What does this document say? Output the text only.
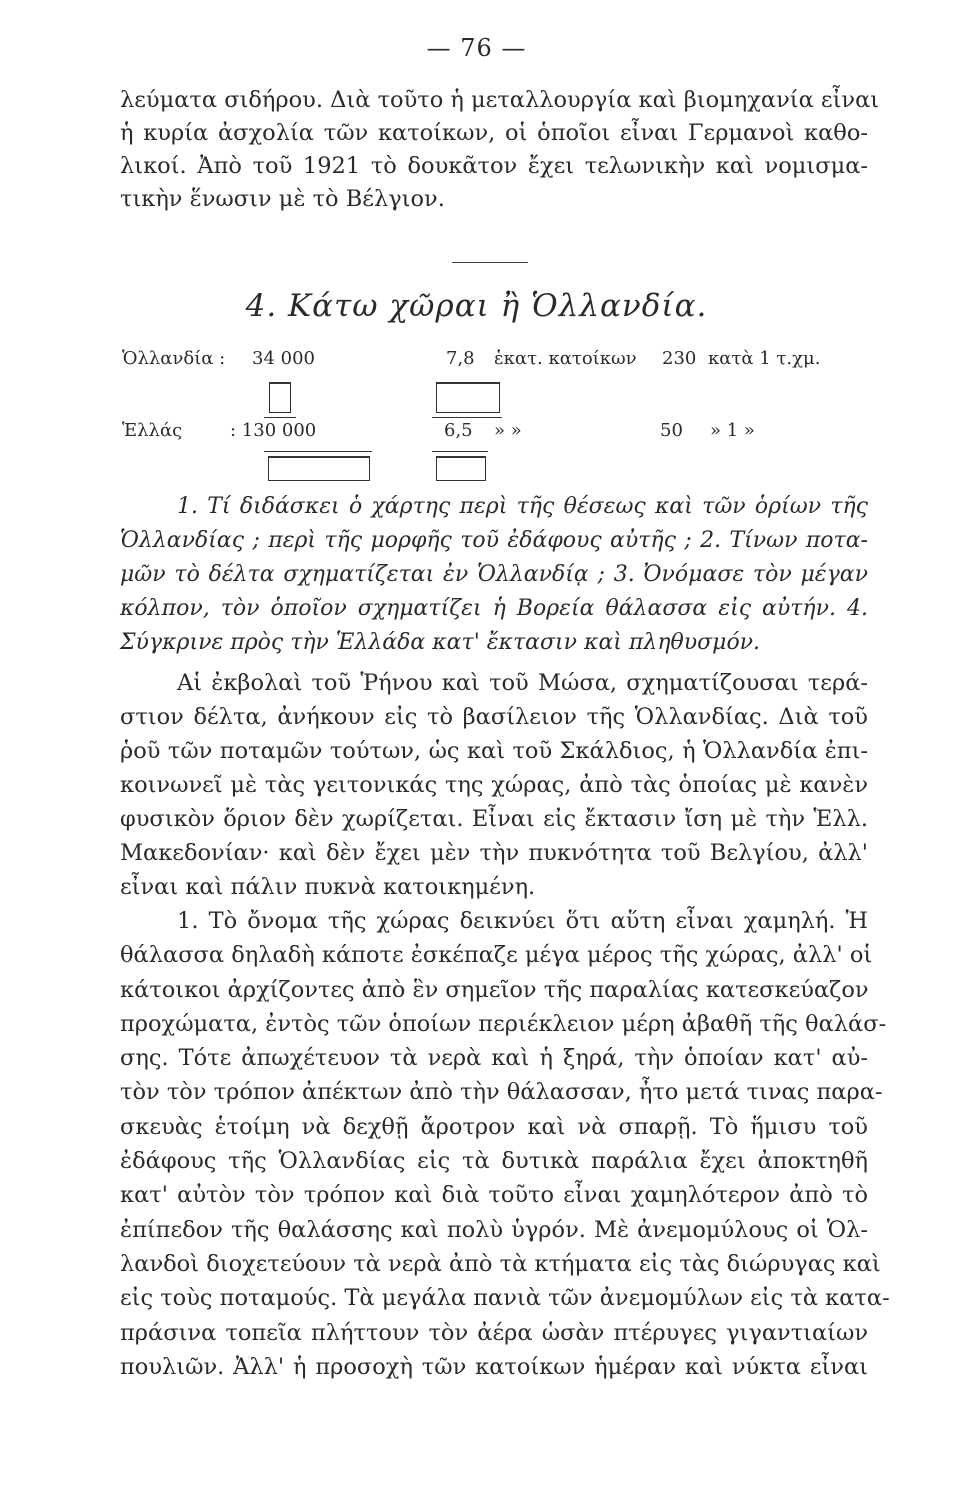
— 76 —
λεύματα σιδήρου. Διὰ τοῦτο ἡ μεταλλουργία καὶ βιομηχανία εἶναι
ἡ κυρία ἀσχολία τῶν κατοίκων, οἱ ὁποῖοι εἶναι Γερμανοὶ καθο-
λικοί. Ἀπὸ τοῦ 1921 τὸ δουκᾶτον ἔχει τελωνικὴν καὶ νομισμα-
τικὴν ἕνωσιν μὲ τὸ Βέλγιον.
4. Κάτω χῶραι ἢ Ὁλλανδία.
Ὁλλανδία : 34 000	7,8 ἑκατ. κατοίκων 230 κατὰ 1 τ.χμ.
Ἑλλάς	: 130 000	6,5 » »	50 » 1 »
1. Τί διδάσκει ὁ χάρτης περὶ τῆς θέσεως καὶ τῶν ὁρίων τῆς
Ὁλλανδίας ; περὶ τῆς μορφῆς τοῦ ἐδάφους αὐτῆς ; 2. Τίνων ποτα-
μῶν τὸ δέλτα σχηματίζεται ἐν Ὁλλανδίᾳ ; 3. Ὀνόμασε τὸν μέγαν
κόλπον, τὸν ὁποῖον σχηματίζει ἡ Βορεία θάλασσα εἰς αὐτήν. 4.
Σύγκρινε πρὸς τὴν Ἑλλάδα κατ' ἔκτασιν καὶ πληθυσμόν.
Αἱ ἐκβολαὶ τοῦ Ῥήνου καὶ τοῦ Μώσα, σχηματίζουσαι τερά-
στιον δέλτα, ἀνήκουν εἰς τὸ βασίλειον τῆς Ὁλλανδίας. Διὰ τοῦ
ῥοῦ τῶν ποταμῶν τούτων, ὡς καὶ τοῦ Σκάλδιος, ἡ Ὁλλανδία ἐπι-
κοινωνεῖ μὲ τὰς γειτονικάς της χώρας, ἀπὸ τὰς ὁποίας μὲ κανὲν
φυσικὸν ὅριον δὲν χωρίζεται. Εἶναι εἰς ἔκτασιν ἴση μὲ τὴν Ἑλλ.
Μακεδονίαν· καὶ δὲν ἔχει μὲν τὴν πυκνότητα τοῦ Βελγίου, ἀλλ'
εἶναι καὶ πάλιν πυκνὰ κατοικημένη.
1. Τὸ ὄνομα τῆς χώρας δεικνύει ὅτι αὕτη εἶναι χαμηλή. Ἡ
θάλασσα δηλαδὴ κάποτε ἐσκέπαζε μέγα μέρος τῆς χώρας, ἀλλ' οἱ
κάτοικοι ἀρχίζοντες ἀπὸ ἓν σημεῖον τῆς παραλίας κατεσκεύαζον
προχώματα, ἐντὸς τῶν ὁποίων περιέκλειον μέρη ἀβαθῆ τῆς θαλάσ-
σης. Τότε ἀπωχέτευον τὰ νερὰ καὶ ἡ ξηρά, τὴν ὁποίαν κατ' αὐ-
τὸν τὸν τρόπον ἀπέκτων ἀπὸ τὴν θάλασσαν, ἦτο μετά τινας παρα-
σκευὰς ἑτοίμη νὰ δεχθῇ ἄροτρον καὶ νὰ σπαρῇ. Τὸ ἥμισυ τοῦ
ἐδάφους τῆς Ὁλλανδίας εἰς τὰ δυτικὰ παράλια ἔχει ἀποκτηθῆ
κατ' αὐτὸν τὸν τρόπον καὶ διὰ τοῦτο εἶναι χαμηλότερον ἀπὸ τὸ
ἐπίπεδον τῆς θαλάσσης καὶ πολὺ ὑγρόν. Μὲ ἀνεμομύλους οἱ Ὁλ-
λανδοὶ διοχετεύουν τὰ νερὰ ἀπὸ τὰ κτήματα εἰς τὰς διώρυγας καὶ
εἰς τοὺς ποταμούς. Τὰ μεγάλα πανιὰ τῶν ἀνεμομύλων εἰς τὰ κατα-
πράσινα τοπεῖα πλήττουν τὸν ἀέρα ὡσὰν πτέρυγες γιγαντιαίων
πουλιῶν. Ἀλλ' ἡ προσοχὴ τῶν κατοίκων ἡμέραν καὶ νύκτα εἶναι
